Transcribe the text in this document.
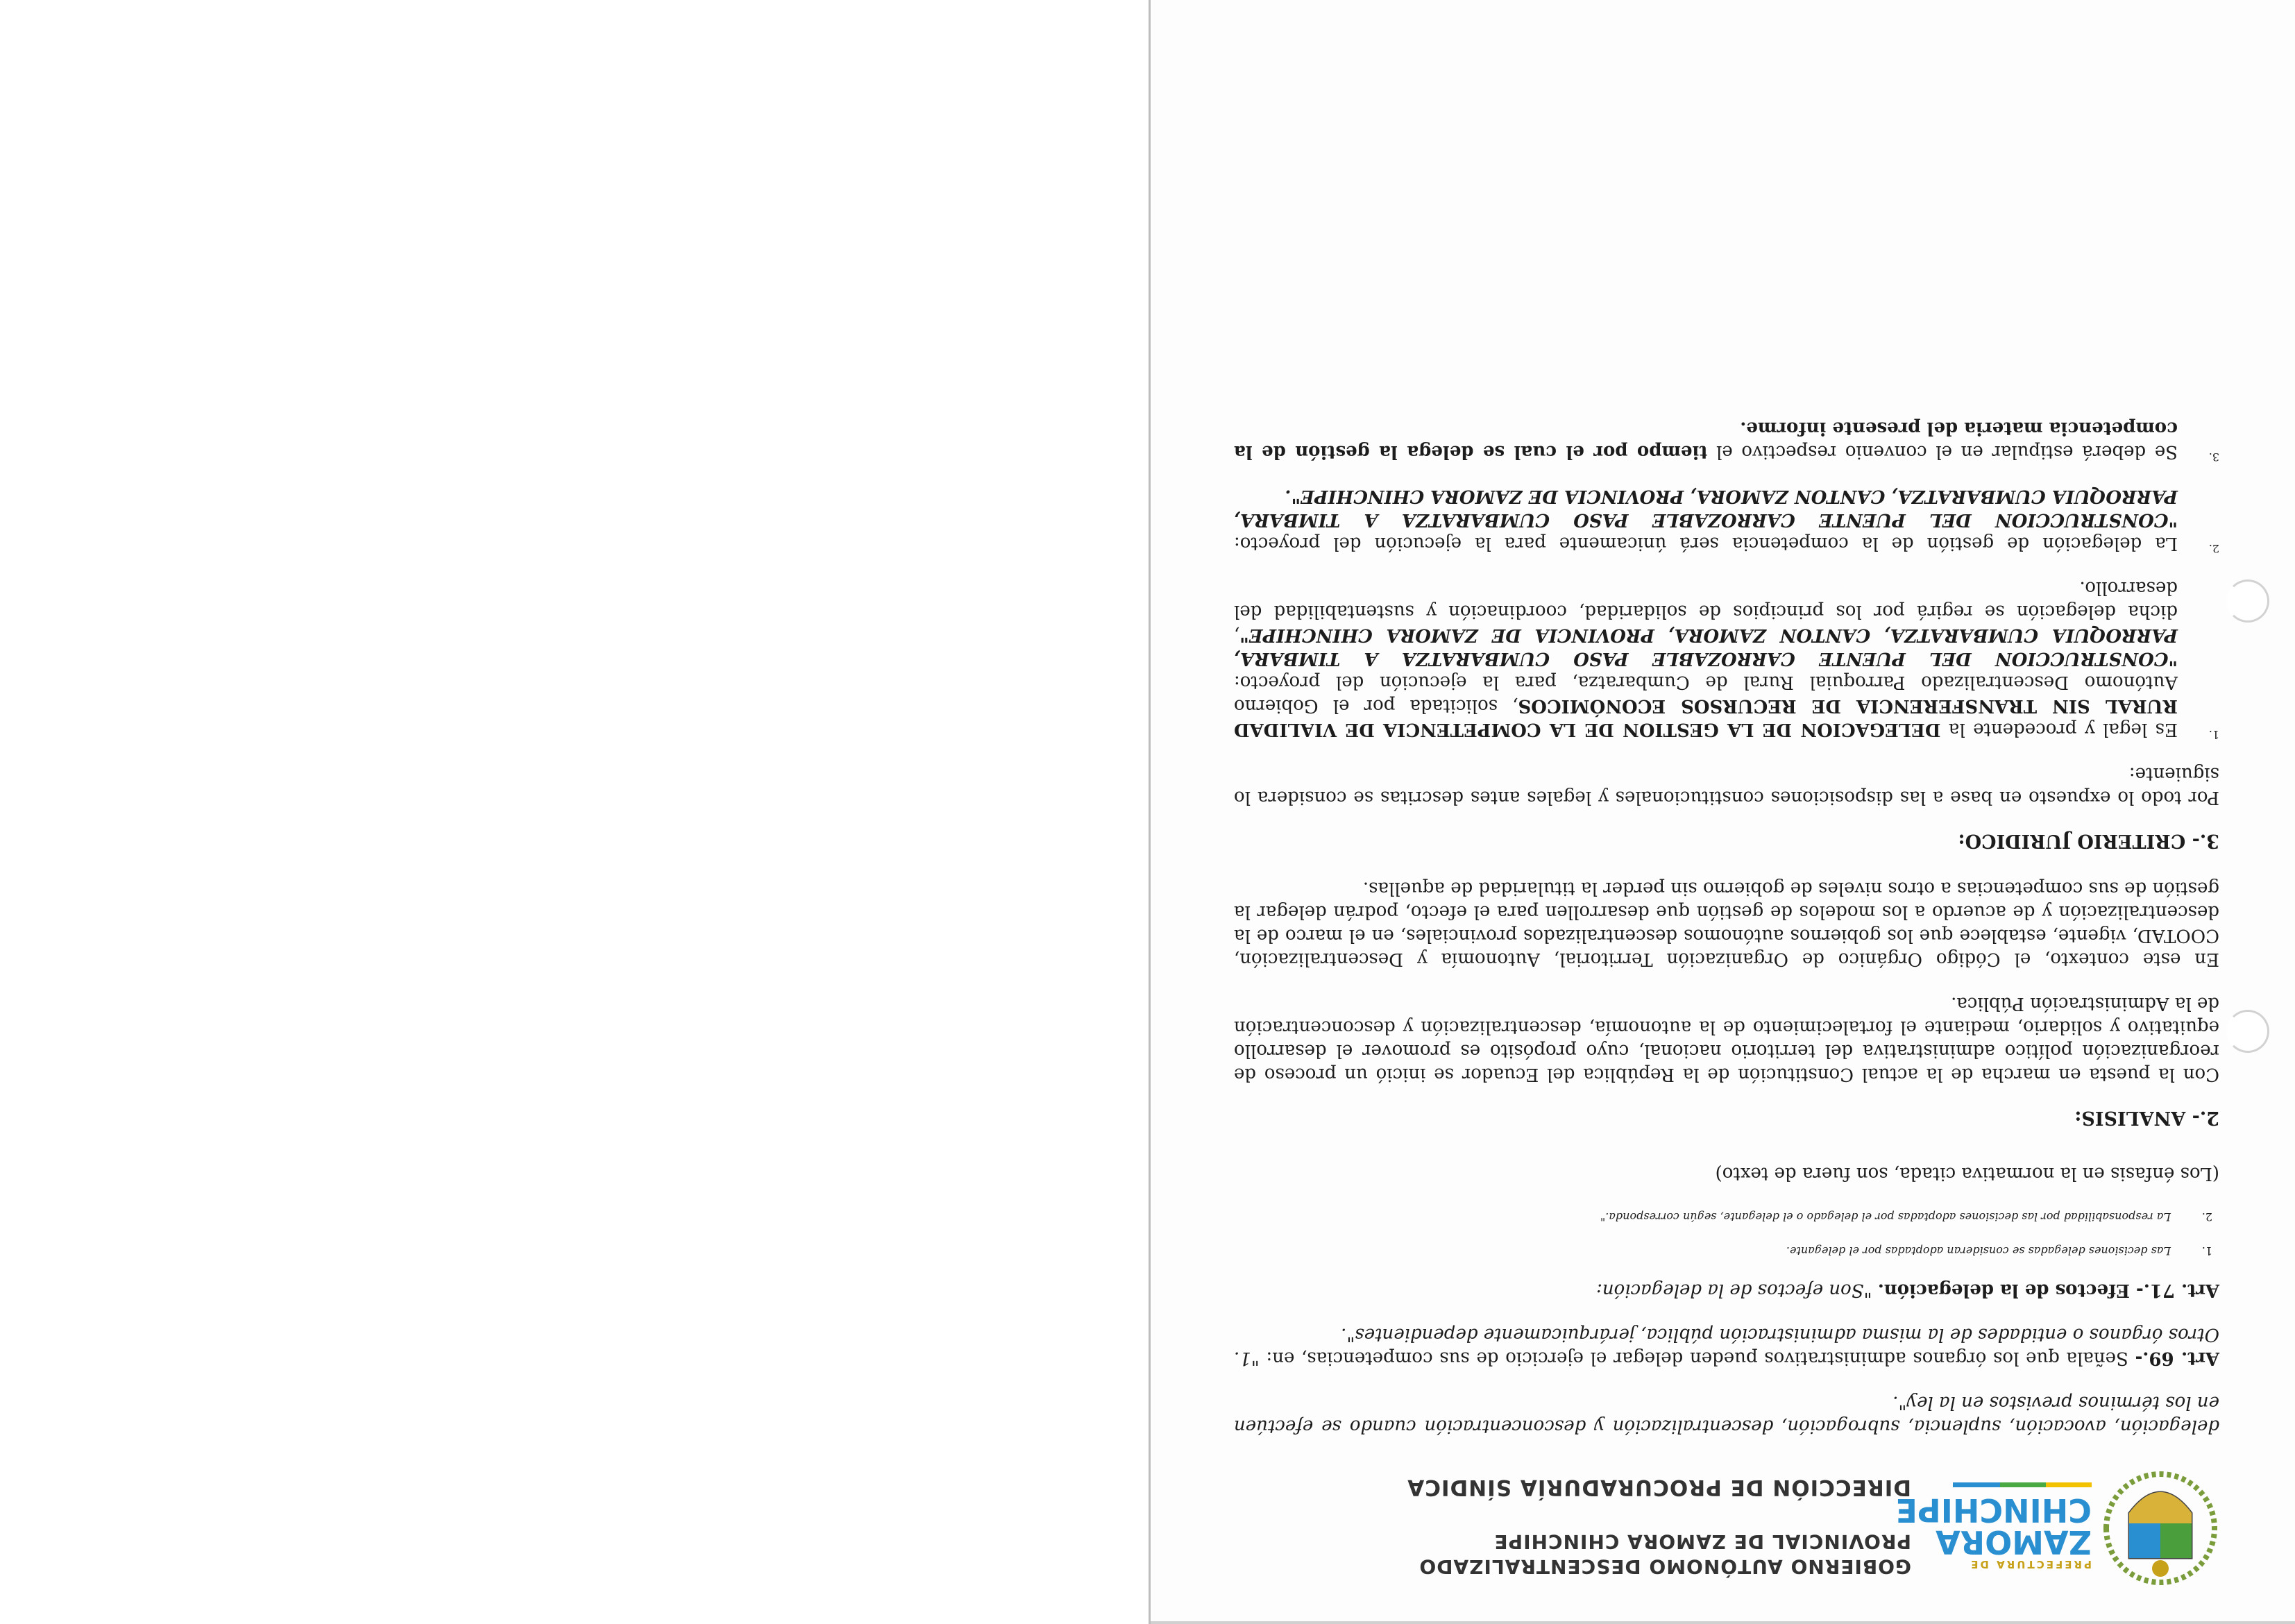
PREFECTURA DE
ZAMORA
CHINCHIPE
GOBIERNO AUTÓNOMO DESCENTRALIZADO
PROVINCIAL DE ZAMORA CHINCHIPE
DIRECCIÓN DE PROCURADURÍA SÍNDICA

delegación, avocación, suplencia, subrogación, descentralización y desconcentración cuando se efectúen en los términos previstos en la ley".

Art. 69.- Señala que los órganos administrativos pueden delegar el ejercicio de sus competencias, en: "1. Otros órganos o entidades de la misma administración pública, jerárquicamente dependientes".

Art. 71.- Efectos de la delegación. "Son efectos de la delegación:

1.
Las decisiones delegadas se consideran adoptadas por el delegante.
2.
La responsabilidad por las decisiones adoptadas por el delegado o el delegante, según corresponda."

(Los énfasis en la normativa citada, son fuera de texto)

2.- ANALISIS:

Con la puesta en marcha de la actual Constitución de la República del Ecuador se inició un proceso de reorganización político administrativa del territorio nacional, cuyo propósito es promover el desarrollo equitativo y solidario, mediante el fortalecimiento de la autonomía, descentralización y desconcentración de la Administración Pública.

En este contexto, el Código Orgánico de Organización Territorial, Autonomía y Descentralización, COOTAD, vigente, establece que los gobiernos autónomos descentralizados provinciales, en el marco de la descentralización y de acuerdo a los modelos de gestión que desarrollen para el efecto, podrán delegar la gestión de sus competencias a otros niveles de gobierno sin perder la titularidad de aquellas.

3.- CRITERIO JURIDICO:

Por todo lo expuesto en base a las disposiciones constitucionales y legales antes descritas se considera lo siguiente:

1.
Es legal y procedente la DELEGACION DE LA GESTION DE LA COMPETENCIA DE VIALIDAD RURAL SIN TRANSFERENCIA DE RECURSOS ECONÓMICOS, solicitada por el Gobierno Autónomo Descentralizado Parroquial Rural de Cumbaratza, para la ejecución del proyecto: "CONSTRUCCION DEL PUENTE CARROZABLE PASO CUMBARATZA A TIMBARA, PARROQUIA CUMBARATZA, CANTON ZAMORA, PROVINCIA DE ZAMORA CHINCHIPE", dicha delegación se regirá por los principios de solidaridad, coordinación y sustentabilidad del desarrollo.
2.
La delegación de gestión de la competencia será únicamente para la ejecución del proyecto: "CONSTRUCCION DEL PUENTE CARROZABLE PASO CUMBARATZA A TIMBARA, PARROQUIA CUMBARATZA, CANTON ZAMORA, PROVINCIA DE ZAMORA CHINCHIPE".
3.
Se deberá estipular en el convenio respectivo el tiempo por el cual se delega la gestión de la competencia materia del presente informe.
